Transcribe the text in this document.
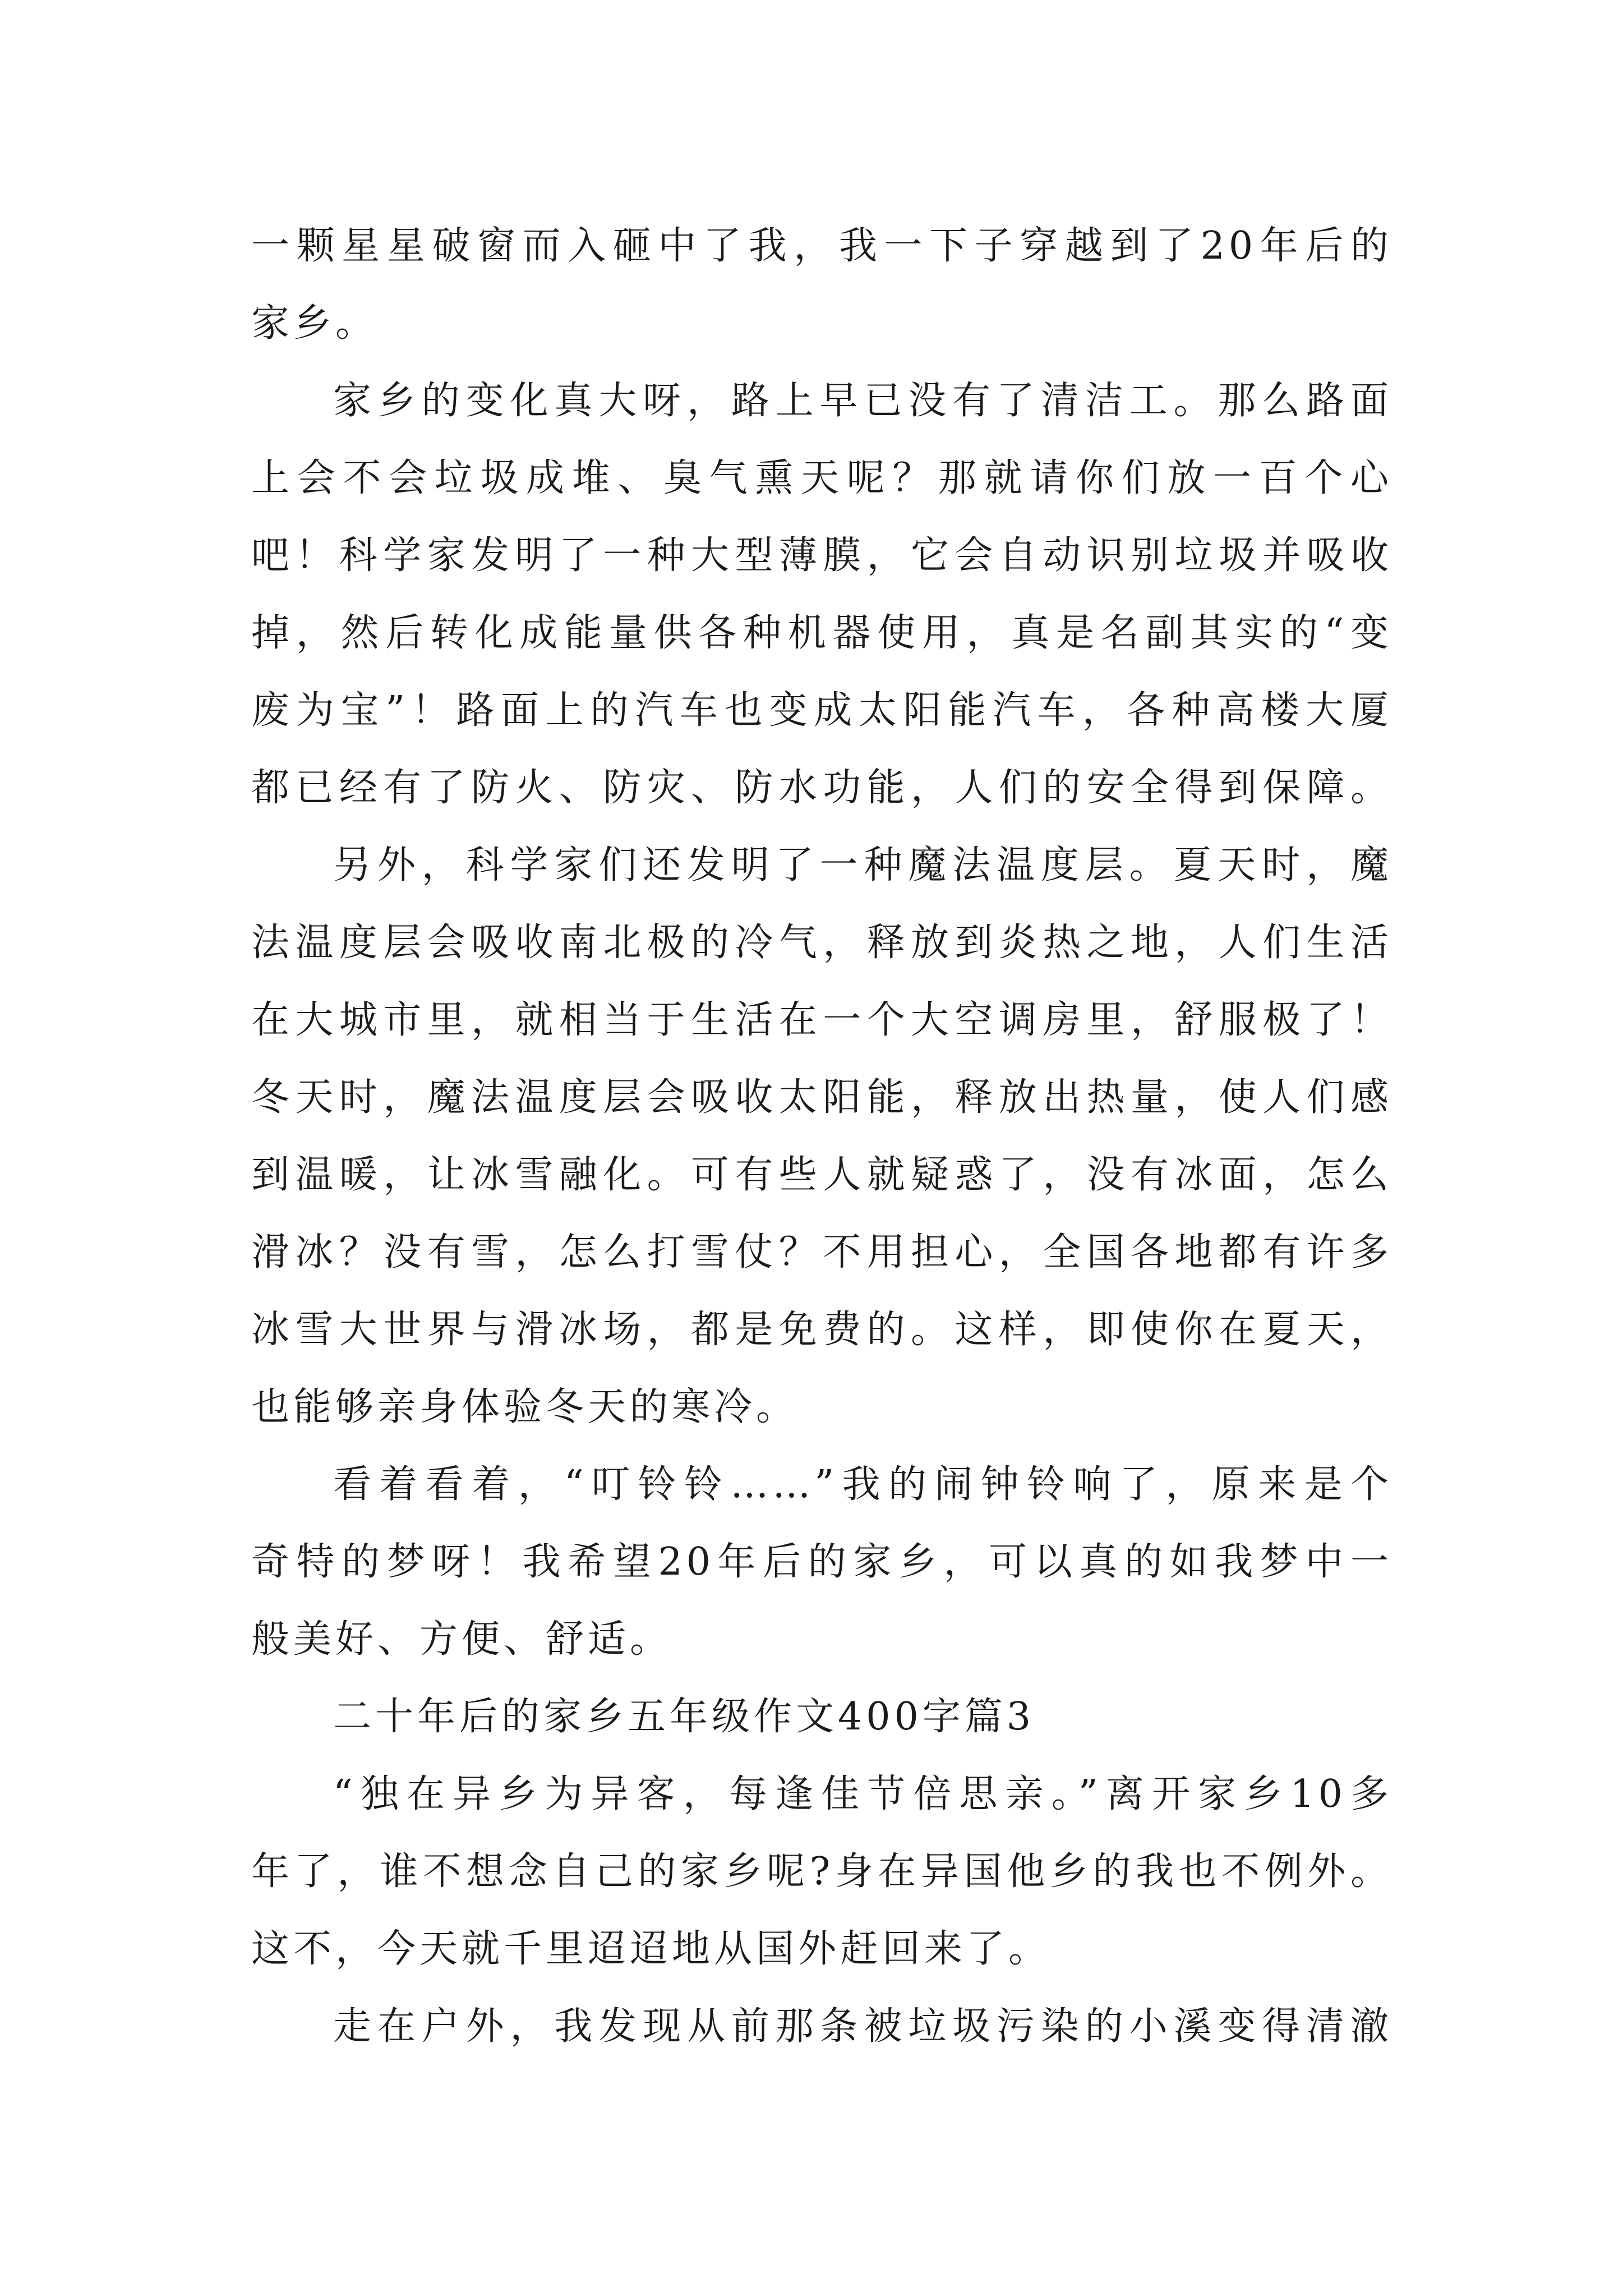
一颗星星破窗而入砸中了我，我一下子穿越到了20年后的
家乡。
家乡的变化真大呀，路上早已没有了清洁工。那么路面
上会不会垃圾成堆、臭气熏天呢？那就请你们放一百个心
吧！科学家发明了一种大型薄膜，它会自动识别垃圾并吸收
掉，然后转化成能量供各种机器使用，真是名副其实的“变
废为宝”！路面上的汽车也变成太阳能汽车，各种高楼大厦
都已经有了防火、防灾、防水功能，人们的安全得到保障。
另外，科学家们还发明了一种魔法温度层。夏天时，魔
法温度层会吸收南北极的冷气，释放到炎热之地，人们生活
在大城市里，就相当于生活在一个大空调房里，舒服极了！
冬天时，魔法温度层会吸收太阳能，释放出热量，使人们感
到温暖，让冰雪融化。可有些人就疑惑了，没有冰面，怎么
滑冰？没有雪，怎么打雪仗？不用担心，全国各地都有许多
冰雪大世界与滑冰场，都是免费的。这样，即使你在夏天，
也能够亲身体验冬天的寒冷。
看着看着，“叮铃铃……”我的闹钟铃响了，原来是个
奇特的梦呀！我希望20年后的家乡，可以真的如我梦中一
般美好、方便、舒适。
二十年后的家乡五年级作文400字篇3
“独在异乡为异客，每逢佳节倍思亲。”离开家乡10多
年了，谁不想念自己的家乡呢?身在异国他乡的我也不例外。
这不，今天就千里迢迢地从国外赶回来了。
走在户外，我发现从前那条被垃圾污染的小溪变得清澈
